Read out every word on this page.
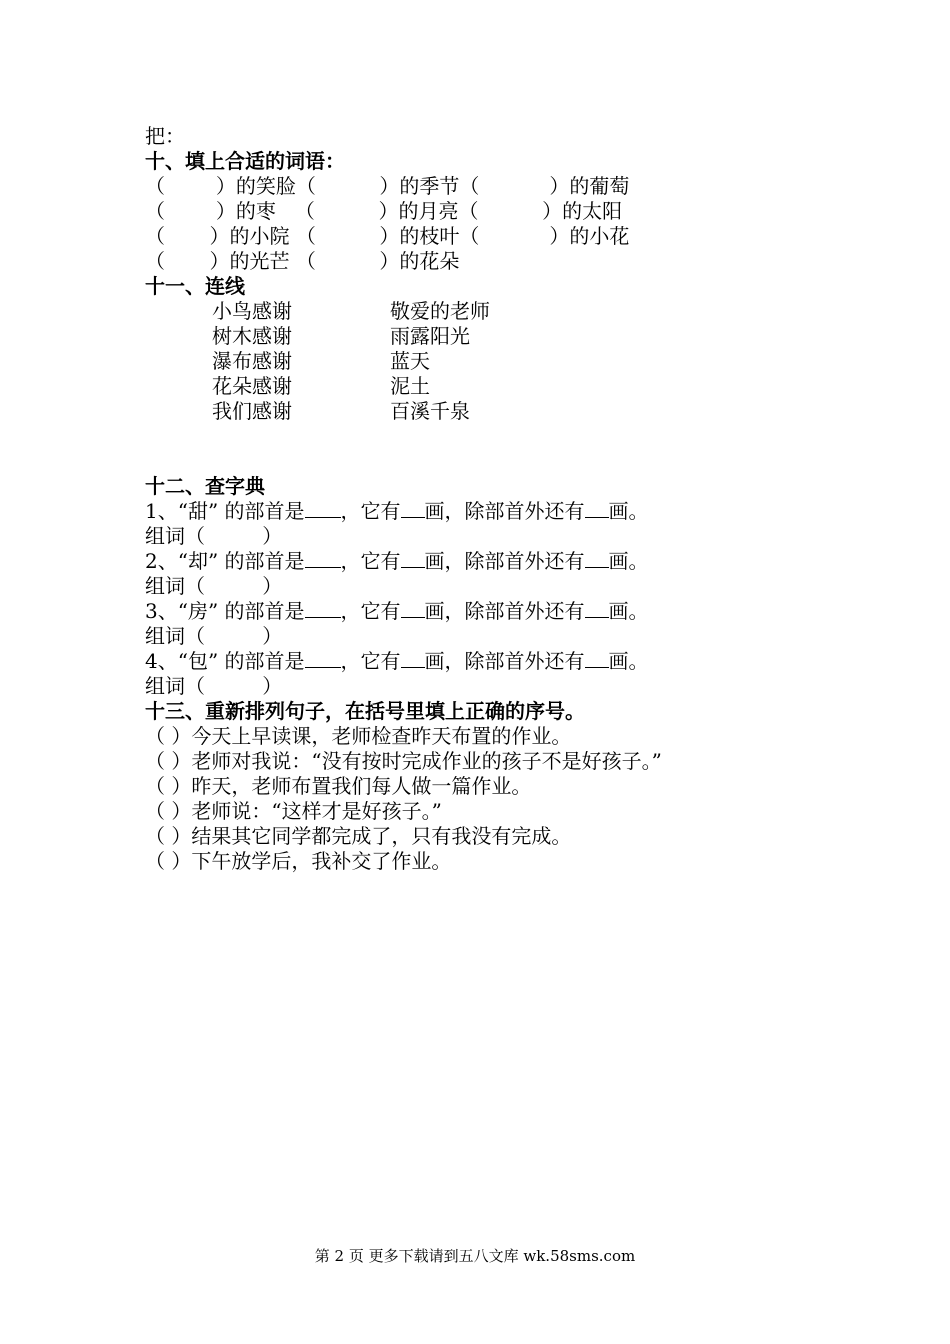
把：
十、填上合适的词语：
（        ）的笑脸（          ）的季节（           ）的葡萄
（        ）的枣   （          ）的月亮（          ）的太阳
（       ）的小院 （          ）的枝叶（           ）的小花
（       ）的光芒 （          ）的花朵
十一、连线
小鸟感谢
树木感谢
瀑布感谢
花朵感谢
我们感谢
敬爱的老师
雨露阳光
蓝天
泥土
百溪千泉
十二、查字典
1、“甜” 的部首是 ，它有 画，除部首外还有 画。
组词（         ）
2、“却” 的部首是 ，它有 画，除部首外还有 画。
组词（         ）
3、“房” 的部首是 ，它有 画，除部首外还有 画。
组词（         ）
4、“包” 的部首是 ，它有 画，除部首外还有 画。
组词（         ）
十三、重新排列句子，在括号里填上正确的序号。
（ ）今天上早读课，老师检查昨天布置的作业。
（ ）老师对我说：“没有按时完成作业的孩子不是好孩子。”
（ ）昨天，老师布置我们每人做一篇作业。
（ ）老师说：“这样才是好孩子。”
（ ）结果其它同学都完成了，只有我没有完成。
（ ）下午放学后，我补交了作业。
第 2 页 更多下载请到五八文库 wk.58sms.com
